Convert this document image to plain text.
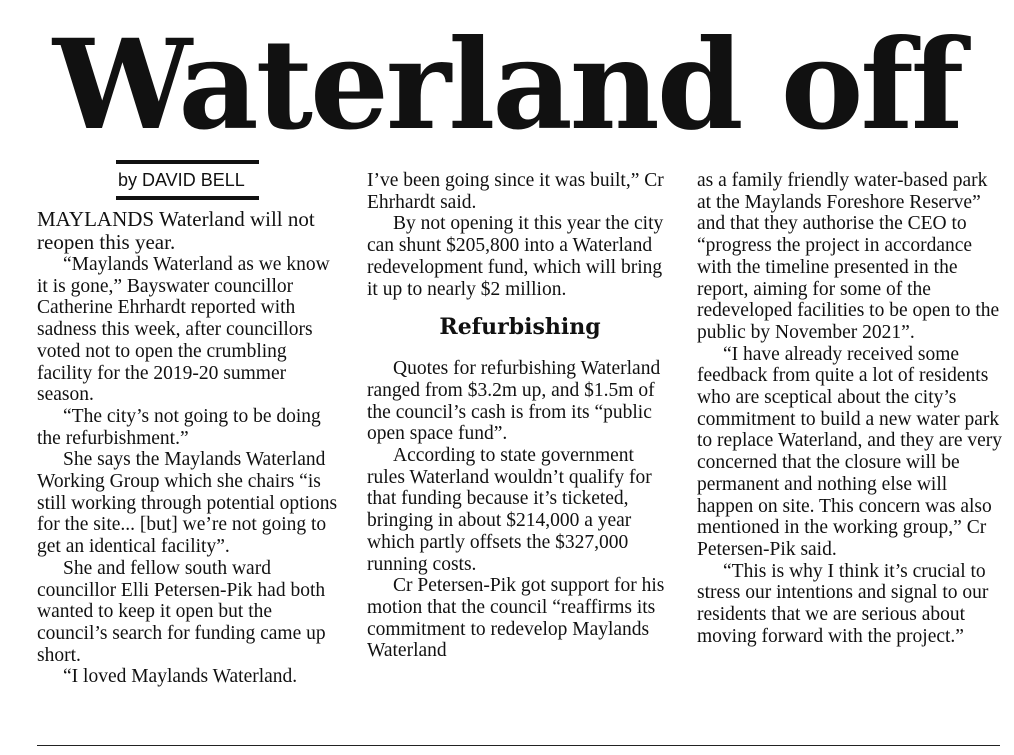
Waterland off
by DAVID BELL

MAYLANDS Waterland will not reopen this year.

“Maylands Waterland as we know it is gone,” Bayswater councillor Catherine Ehrhardt reported with sadness this week, after councillors voted not to open the crumbling facility for the 2019-20 summer season.

“The city’s not going to be doing the refurbishment.”

She says the Maylands Waterland Working Group which she chairs “is still working through potential options for the site... [but] we’re not going to get an identical facility”.

She and fellow south ward councillor Elli Petersen-Pik had both wanted to keep it open but the council’s search for funding came up short.

“I loved Maylands Waterland.

I’ve been going since it was built,” Cr Ehrhardt said.

By not opening it this year the city can shunt $205,800 into a Waterland redevelopment fund, which will bring it up to nearly $2 million.

Refurbishing

Quotes for refurbishing Waterland ranged from $3.2m up, and $1.5m of the council’s cash is from its “public open space fund”.

According to state government rules Waterland wouldn’t qualify for that funding because it’s ticketed, bringing in about $214,000 a year which partly offsets the $327,000 running costs.

Cr Petersen-Pik got support for his motion that the council “reaffirms its commitment to redevelop Maylands Waterland

as a family friendly water-based park at the Maylands Foreshore Reserve” and that they authorise the CEO to “progress the project in accordance with the timeline presented in the report, aiming for some of the redeveloped facilities to be open to the public by November 2021”.

“I have already received some feedback from quite a lot of residents who are sceptical about the city’s commitment to build a new water park to replace Waterland, and they are very concerned that the closure will be permanent and nothing else will happen on site. This concern was also mentioned in the working group,” Cr Petersen-Pik said.

“This is why I think it’s crucial to stress our intentions and signal to our residents that we are serious about moving forward with the project.”
